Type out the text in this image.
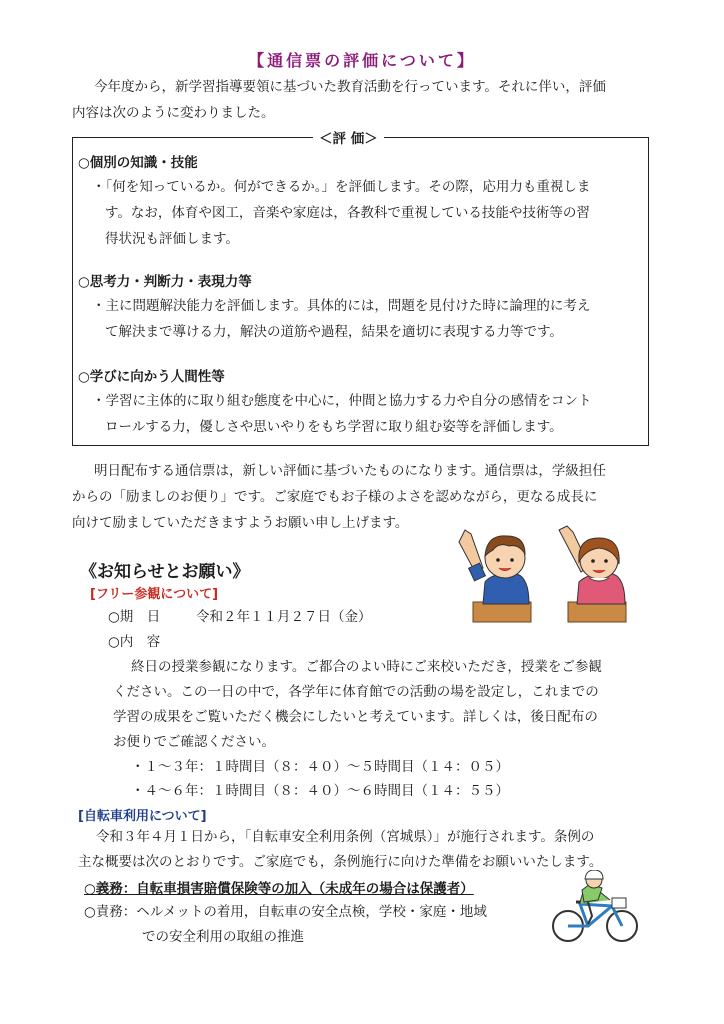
【通信票の評価について】
今年度から，新学習指導要領に基づいた教育活動を行っています。それに伴い，評価
内容は次のように変わりました。
＜評 価＞
○個別の知識・技能
・「何を知っているか。何ができるか。」を評価します。その際，応用力も重視しま
す。なお，体育や図工，音楽や家庭は，各教科で重視している技能や技術等の習
得状況も評価します。
○思考力・判断力・表現力等
・主に問題解決能力を評価します。具体的には，問題を見付けた時に論理的に考え
て解決まで導ける力，解決の道筋や過程，結果を適切に表現する力等です。
○学びに向かう人間性等
・学習に主体的に取り組む態度を中心に，仲間と協力する力や自分の感情をコント
ロールする力，優しさや思いやりをもち学習に取り組む姿等を評価します。
明日配布する通信票は，新しい評価に基づいたものになります。通信票は，学級担任
からの「励ましのお便り」です。ご家庭でもお子様のよさを認めながら，更なる成長に
向けて励ましていただきますようお願い申し上げます。
《お知らせとお願い》
[フリー参観について]
○期　日	令和２年１１月２７日（金）
○内　容
終日の授業参観になります。ご都合のよい時にご来校いただき，授業をご参観
ください。この一日の中で，各学年に体育館での活動の場を設定し，これまでの
学習の成果をご覧いただく機会にしたいと考えています。詳しくは，後日配布の
お便りでご確認ください。
・１～３年：１時間目（８：４０）～５時間目（１４：０５）
・４～６年：１時間目（８：４０）～６時間目（１４：５５）
[自転車利用について]
令和３年４月１日から，「自転車安全利用条例（宮城県）」が施行されます。条例の
主な概要は次のとおりです。ご家庭でも，条例施行に向けた準備をお願いいたします。
○義務：自転車損害賠償保険等の加入（未成年の場合は保護者）
○責務：ヘルメットの着用，自転車の安全点検，学校・家庭・地域
での安全利用の取組の推進
